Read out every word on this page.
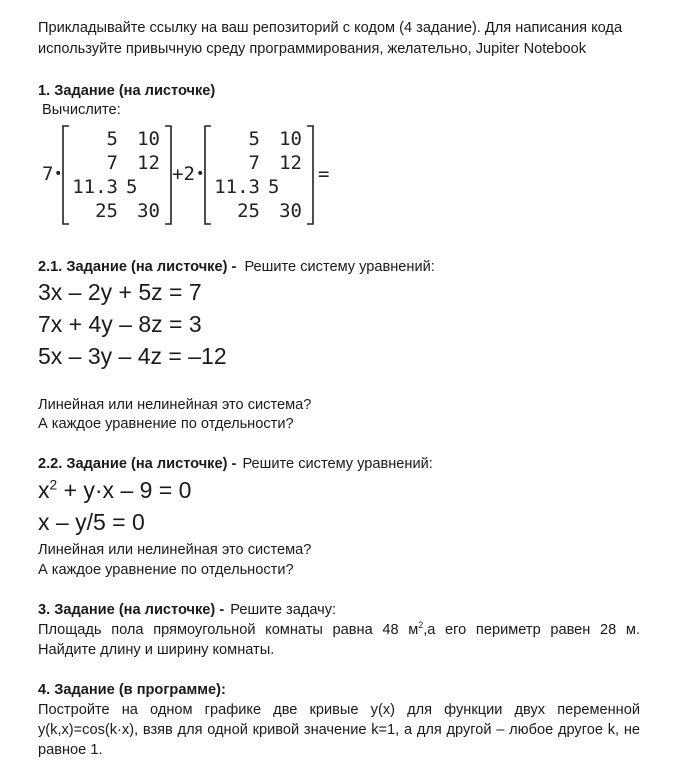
Прикладывайте ссылку на ваш репозиторий с кодом (4 задание). Для написания кода
используйте привычную среду программирования, желательно, Jupiter Notebook
1. Задание (на листочке)
Вычислите:
7 •
5	10
7	12
11.3 5
25	30
+2 •
5	10
7	12
11.3 5
25	30
=
2.1. Задание (на листочке) - Решите систему уравнений:
3x – 2y + 5z = 7
7x + 4y – 8z = 3
5x – 3y – 4z = –12
Линейная или нелинейная это система?
А каждое уравнение по отдельности?
2.2. Задание (на листочке) - Решите систему уравнений:
$x^2 + y\cdot x - 9 = 0$
x – y/5 = 0
Линейная или нелинейная это система?
А каждое уравнение по отдельности?
3. Задание (на листочке) - Решите задачу:
Площадь пола прямоугольной комнаты равна 48 $м^2,а$ его периметр равен 28 м.
Найдите длину и ширину комнаты.
4. Задание (в программе):
Постройте на одном графике две кривые y(x) для функции двух переменной
y(k,x)=cos(k·x), взяв для одной кривой значение k=1, а для другой – любое другое k, не
равное 1.
